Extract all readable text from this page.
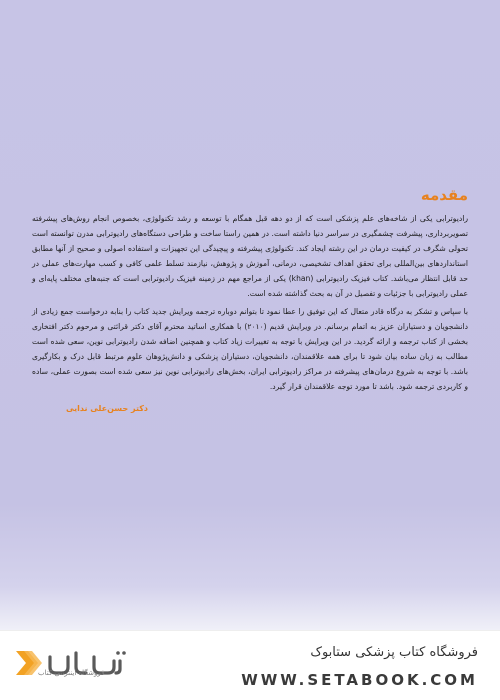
مقدمه

رادیوترابی یکی از شاخه‌های علم پزشکی است که از دو دهه قبل همگام با توسعه و رشد تکنولوژی، بخصوص انجام روش‌های پیشرفته تصویربرداری، پیشرفت چشمگیری در سراسر دنیا داشته است. در همین راستا ساخت و طراحی دستگاه‌های رادیوترابی مدرن توانسته است تحولی شگرف در کیفیت درمان در این رشته ایجاد کند. تکنولوژی پیشرفته و پیچیدگی این تجهیزات و استفاده اصولی و صحیح از آنها مطابق استانداردهای بین‌المللی برای تحقق اهداف تشخیصی، درمانی، آموزش و پژوهش، نیازمند تسلط علمی کافی و کسب مهارت‌های عملی در حد قابل انتظار می‌باشد. کتاب فیزیک رادیوترابی (khan) یکی از مراجع مهم در زمینه فیزیک رادیوترابی است که جنبه‌های مختلف پایه‌ای و عملی رادیوترابی با جزئیات و تفصیل در آن به بحث گذاشته شده است.

با سپاس و تشکر به درگاه قادر متعال که این توفیق را عطا نمود تا بتوانم دوباره ترجمه ویرایش جدید کتاب را بنابه درخواست جمع زیادی از دانشجویان و دستیاران عزیز به اتمام برسانم. در ویرایش قدیم (۲۰۱۰) با همکاری اساتید محترم آقای دکتر قرائتی و مرحوم دکتر افتخاری بخشی از کتاب ترجمه و ارائه گردید. در این ویرایش با توجه به تغییرات زیاد کتاب و همچنین اضافه شدن رادیوترابی نوین، سعی شده است مطالب به زبان ساده بیان شود تا برای همه علاقمندان، دانشجویان، دستیاران پزشکی و دانش‌پژوهان علوم مرتبط قابل درک و بکارگیری باشد. با توجه به شروع درمان‌های پیشرفته در مراکز رادیوترابی ایران، بخش‌های رادیوترابی نوین نیز سعی شده است بصورت عملی، ساده و کاربردی ترجمه شود. باشد تا مورد توجه علاقمندان قرار گیرد.

دکتر حسن‌علی ندایی
فروشگاه اینترنتی کتاب
فروشگاه کتاب پزشکی ستابوک
WWW.SETABOOK.COM
